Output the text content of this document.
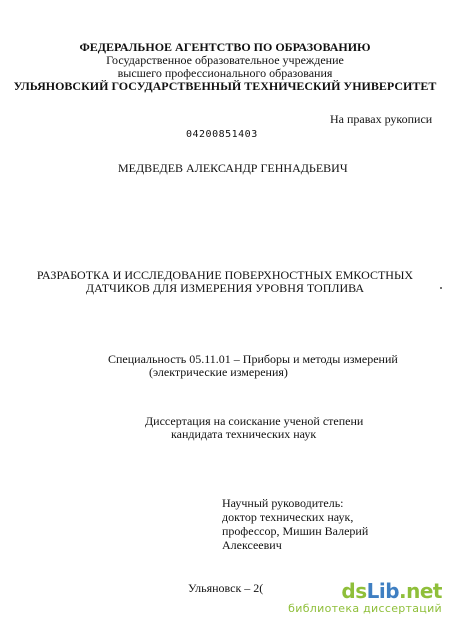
ФЕДЕРАЛЬНОЕ АГЕНТСТВО ПО ОБРАЗОВАНИЮ
Государственное образовательное учреждение
высшего профессионального образования
УЛЬЯНОВСКИЙ ГОСУДАРСТВЕННЫЙ ТЕХНИЧЕСКИЙ УНИВЕРСИТЕТ
На правах рукописи
04200851403
МЕДВЕДЕВ АЛЕКСАНДР ГЕННАДЬЕВИЧ
РАЗРАБОТКА И ИССЛЕДОВАНИЕ ПОВЕРХНОСТНЫХ ЕМКОСТНЫХ
ДАТЧИКОВ ДЛЯ ИЗМЕРЕНИЯ УРОВНЯ ТОПЛИВА
Специальность 05.11.01 – Приборы и методы измерений
(электрические измерения)
Диссертация на соискание ученой степени
кандидата технических наук
Научный руководитель:
доктор технических наук,
профессор, Мишин Валерий
Алексеевич
Ульяновск – 2(	dsLib.net
библиотека диссертаций
